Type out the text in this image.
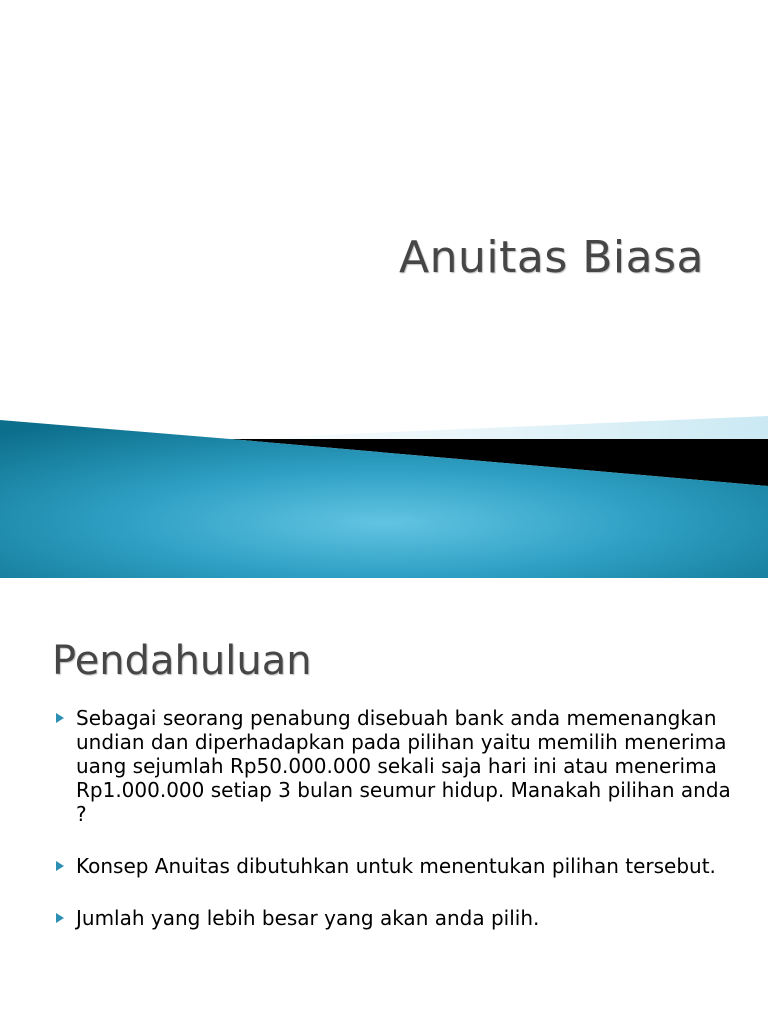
Anuitas Biasa
Pendahuluan
Sebagai seorang penabung disebuah bank anda memenangkan undian dan diperhadapkan pada pilihan yaitu memilih menerima uang sejumlah Rp50.000.000 sekali saja hari ini atau menerima Rp1.000.000 setiap 3 bulan seumur hidup. Manakah pilihan anda ?
Konsep Anuitas dibutuhkan untuk menentukan pilihan tersebut.
Jumlah yang lebih besar yang akan anda pilih.
